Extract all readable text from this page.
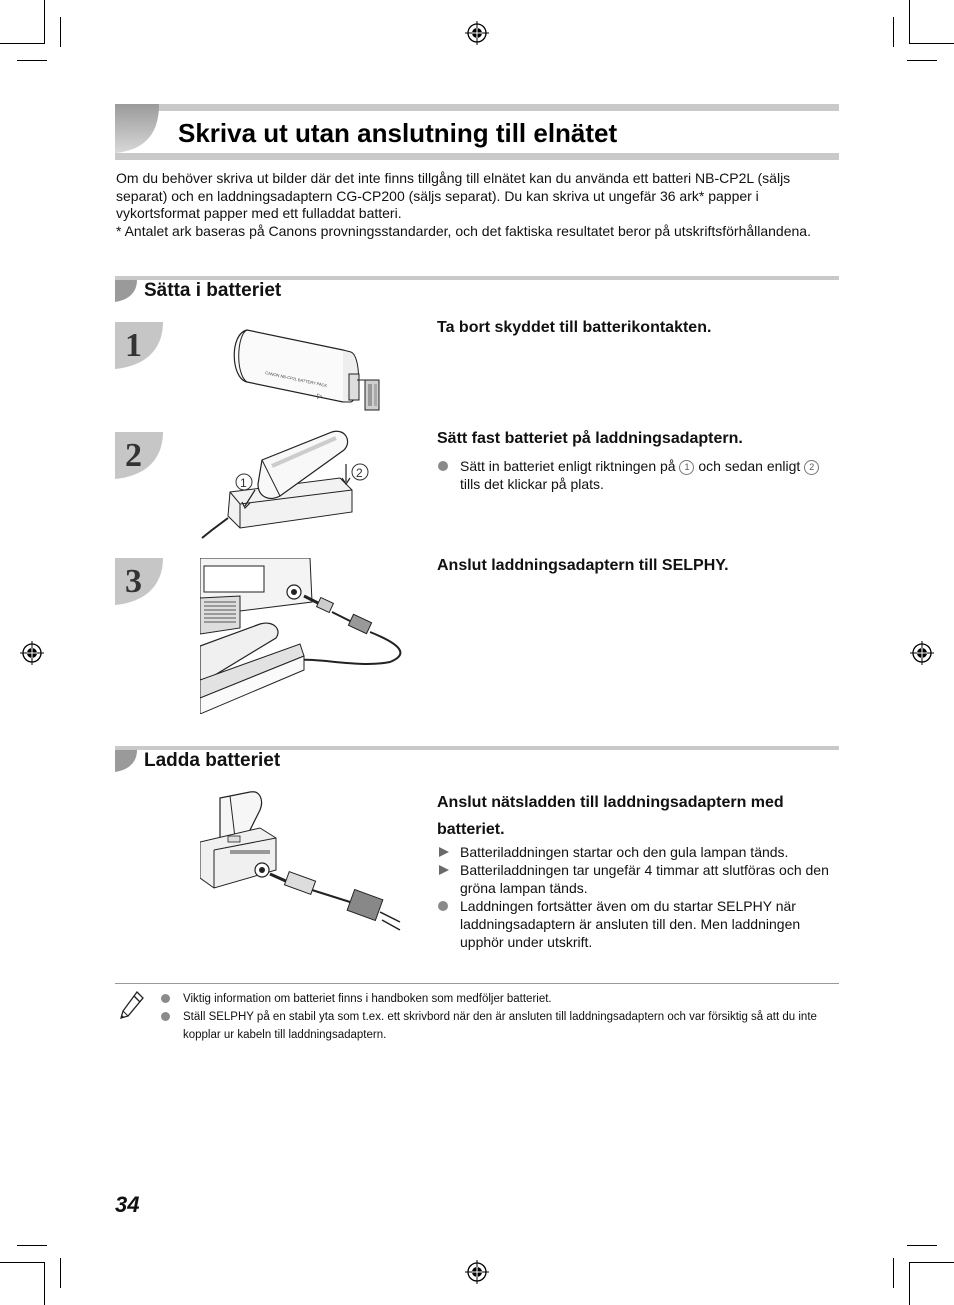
Skriva ut utan anslutning till elnätet

Om du behöver skriva ut bilder där det inte finns tillgång till elnätet kan du använda ett batteri NB-CP2L (säljs separat) och en laddningsadaptern CG-CP200 (säljs separat). Du kan skriva ut ungefär 36 ark* papper i vykortsformat papper med ett fulladdat batteri.

* Antalet ark baseras på Canons provningsstandarder, och det faktiska resultatet beror på utskriftsförhållandena.

Sätta i batteriet
1
2
3
CANON NB-CP2L BATTERY PACK
▷
1
2
Ta bort skyddet till batterikontakten.
Sätt fast batteriet på laddningsadaptern.
Sätt in batteriet enligt riktningen på 1 och sedan enligt 2 tills det klickar på plats.
Anslut laddningsadaptern till SELPHY.
Ladda batteriet
Anslut nätsladden till laddningsadaptern med batteriet.
Batteriladdningen startar och den gula lampan tänds.
Batteriladdningen tar ungefär 4 timmar att slutföras och den gröna lampan tänds.
Laddningen fortsätter även om du startar SELPHY när laddningsadaptern är ansluten till den. Men laddningen upphör under utskrift.
Viktig information om batteriet finns i handboken som medföljer batteriet.
Ställ SELPHY på en stabil yta som t.ex. ett skrivbord när den är ansluten till laddningsadaptern och var försiktig så att du inte kopplar ur kabeln till laddningsadaptern.
34
